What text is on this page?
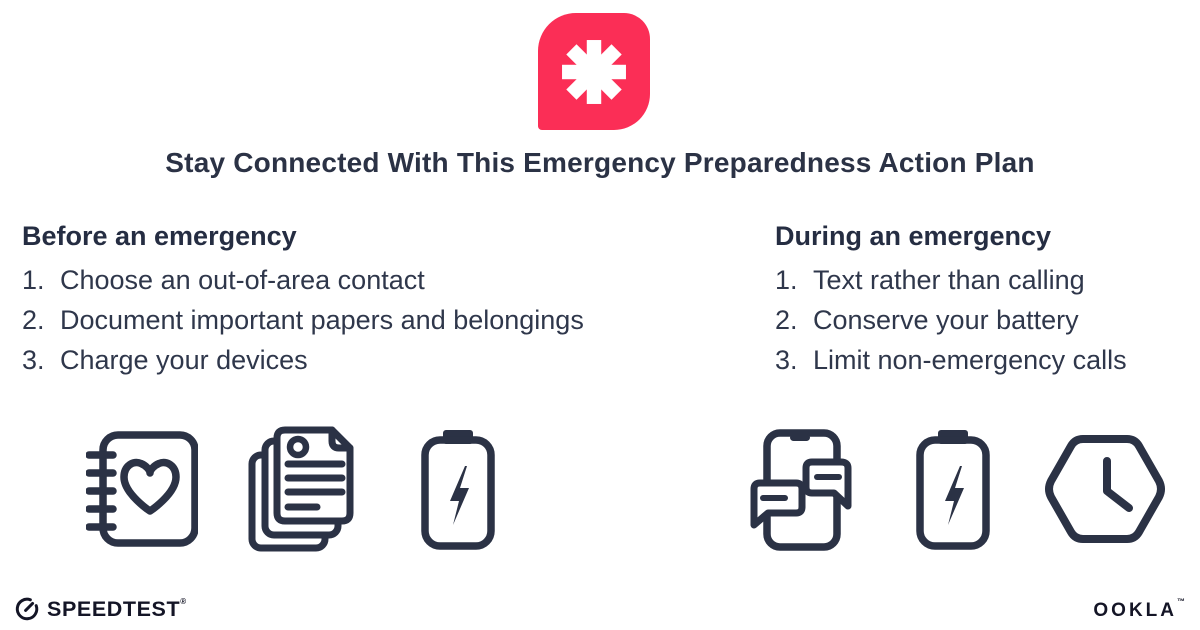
Stay Connected With This Emergency Preparedness Action Plan
Before an emergency
1. Choose an out-of-area contact
2. Document important papers and belongings
3. Charge your devices
During an emergency
1. Text rather than calling
2. Conserve your battery
3. Limit non-emergency calls
SPEEDTEST®	OOKLA™
